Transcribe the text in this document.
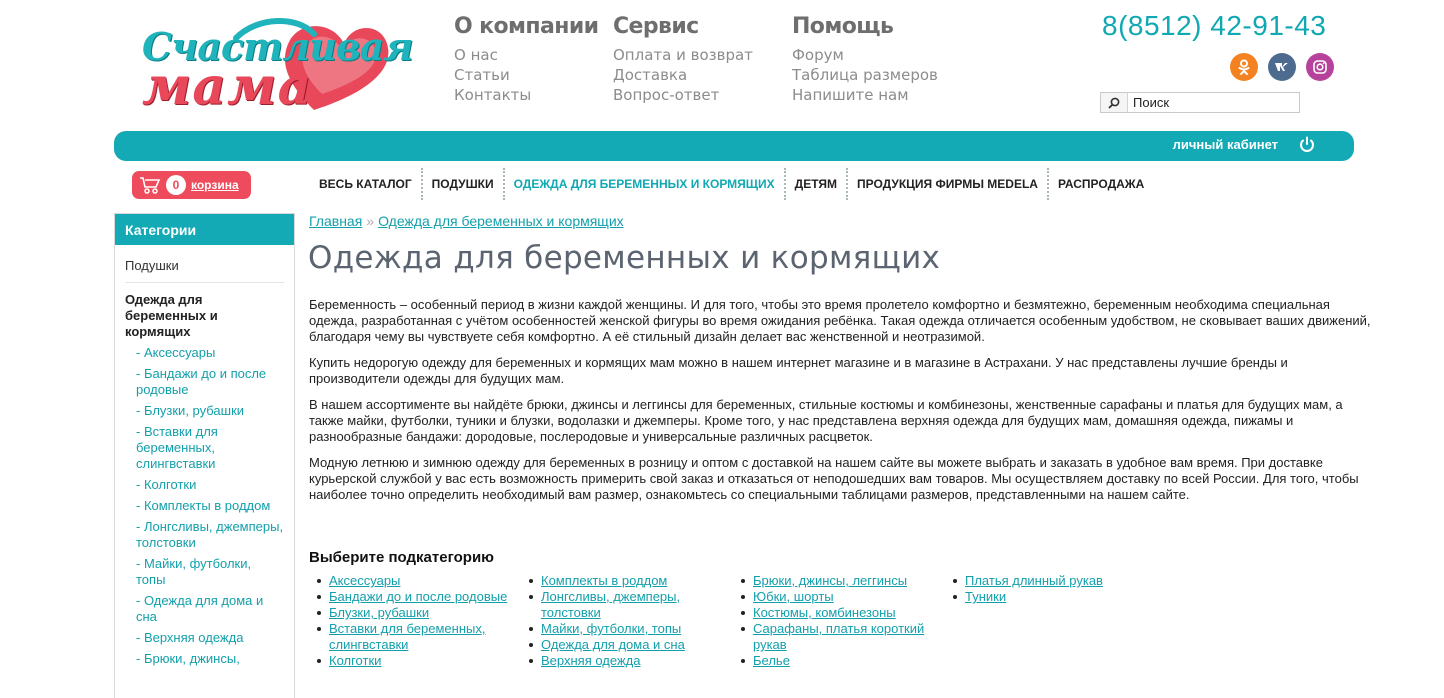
Счастливая
мама
О компании
О нас
Статьи
Контакты
Сервис
Оплата и возврат
Доставка
Вопрос-ответ
Помощь
Форум
Таблица размеров
Напишите нам
8(8512) 42-91-43
Поиск
личный кабинет
0 корзина	ВЕСЬ КАТАЛОГ	ПОДУШКИ	ОДЕЖДА ДЛЯ БЕРЕМЕННЫХ И КОРМЯЩИХ	ДЕТЯМ	ПРОДУКЦИЯ ФИРМЫ MEDELA	РАСПРОДАЖА
Категории
Подушки
Одежда для беременных и кормящих
- Аксессуары
- Бандажи до и после родовые
- Блузки, рубашки
- Вставки для беременных, слингвставки
- Колготки
- Комплекты в роддом
- Лонгсливы, джемперы, толстовки
- Майки, футболки, топы
- Одежда для дома и сна
- Верхняя одежда
- Брюки, джинсы,
Главная » Одежда для беременных и кормящих
Одежда для беременных и кормящих

Беременность – особенный период в жизни каждой женщины. И для того, чтобы это время пролетело комфортно и безмятежно, беременным необходима специальная одежда, разработанная с учётом особенностей женской фигуры во время ожидания ребёнка. Такая одежда отличается особенным удобством, не сковывает ваших движений, благодаря чему вы чувствуете себя комфортно. А её стильный дизайн делает вас женственной и неотразимой.

Купить недорогую одежду для беременных и кормящих мам можно в нашем интернет магазине и в магазине в Астрахани. У нас представлены лучшие бренды и производители одежды для будущих мам.

В нашем ассортименте вы найдёте брюки, джинсы и леггинсы для беременных, стильные костюмы и комбинезоны, женственные сарафаны и платья для будущих мам, а также майки, футболки, туники и блузки, водолазки и джемперы. Кроме того, у нас представлена верхняя одежда для будущих мам, домашняя одежда, пижамы и разнообразные бандажи: дородовые, послеродовые и универсальные различных расцветок.

Модную летнюю и зимнюю одежду для беременных в розницу и оптом с доставкой на нашем сайте вы можете выбрать и заказать в удобное вам время. При доставке курьерской службой у вас есть возможность примерить свой заказ и отказаться от неподошедших вам товаров. Мы осуществляем доставку по всей России. Для того, чтобы наиболее точно определить необходимый вам размер, ознакомьтесь со специальными таблицами размеров, представленными на нашем сайте.

Выберите подкатегорию
Аксессуары
Бандажи до и после родовые
Блузки, рубашки
Вставки для беременных, слингвставки
Колготки
Комплекты в роддом
Лонгсливы, джемперы, толстовки
Майки, футболки, топы
Одежда для дома и сна
Верхняя одежда
Брюки, джинсы, леггинсы
Юбки, шорты
Костюмы, комбинезоны
Сарафаны, платья короткий рукав
Белье
Платья длинный рукав
Туники
